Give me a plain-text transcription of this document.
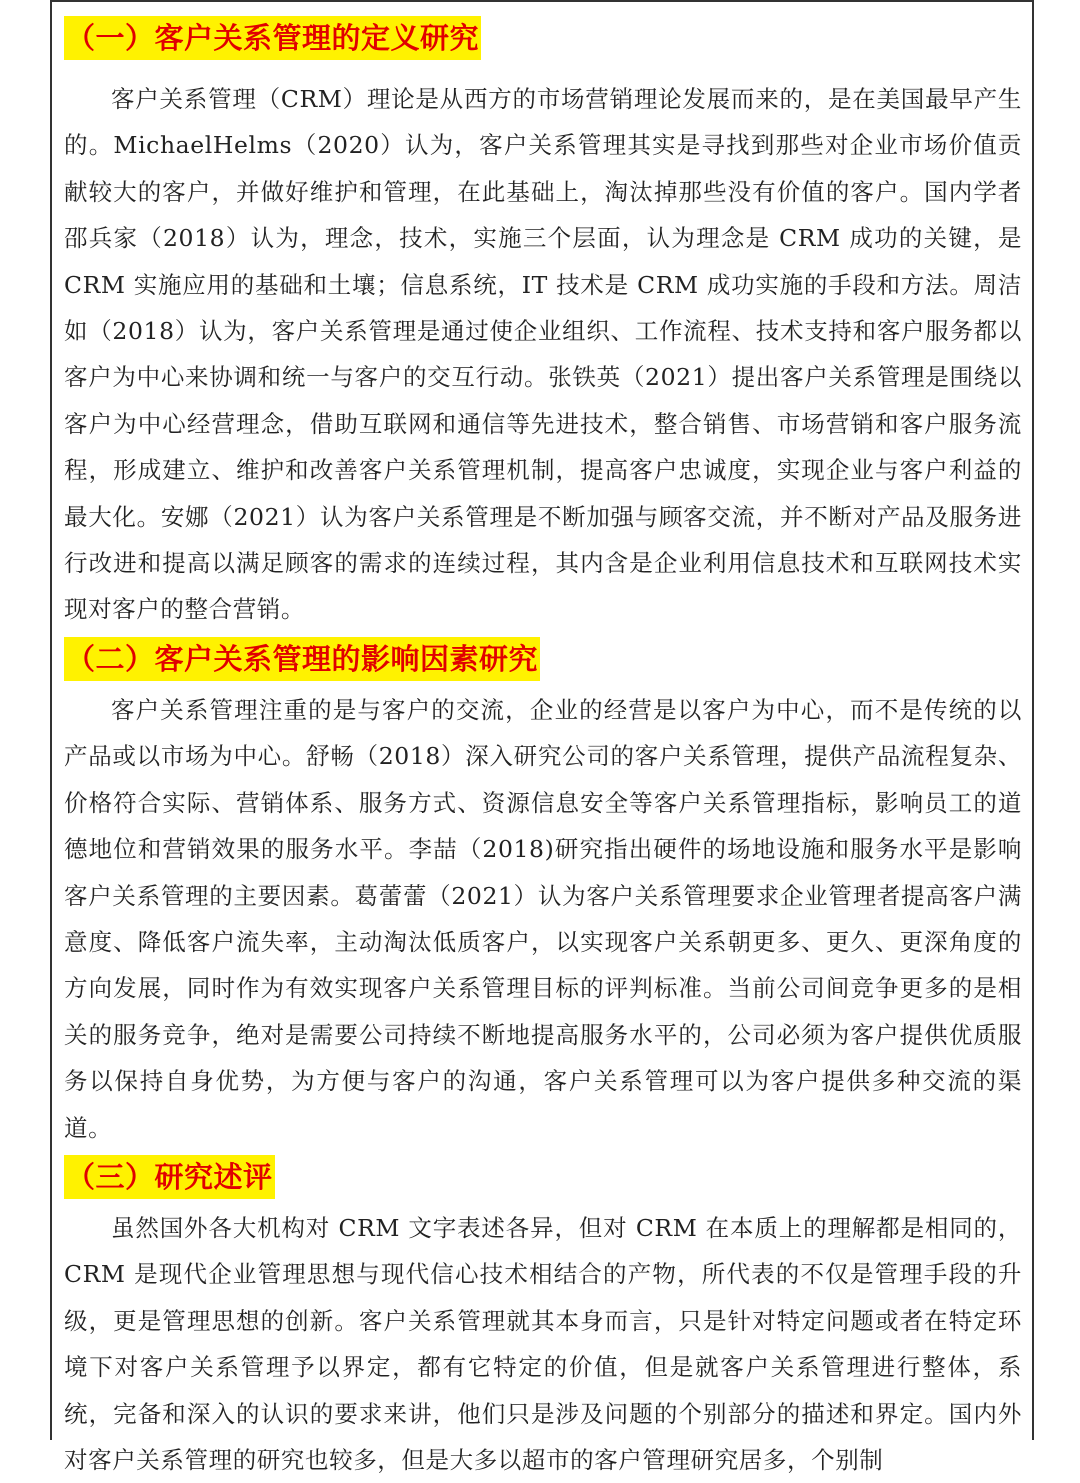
（一）客户关系管理的定义研究

客户关系管理（CRM）理论是从西方的市场营销理论发展而来的，是在美国最早产生的。MichaelHelms（2020）认为，客户关系管理其实是寻找到那些对企业市场价值贡献较大的客户，并做好维护和管理，在此基础上，淘汰掉那些没有价值的客户。国内学者邵兵家（2018）认为，理念，技术，实施三个层面，认为理念是 CRM 成功的关键，是 CRM 实施应用的基础和土壤；信息系统，IT 技术是 CRM 成功实施的手段和方法。周洁如（2018）认为，客户关系管理是通过使企业组织、工作流程、技术支持和客户服务都以客户为中心来协调和统一与客户的交互行动。张铁英（2021）提出客户关系管理是围绕以客户为中心经营理念，借助互联网和通信等先进技术，整合销售、市场营销和客户服务流程，形成建立、维护和改善客户关系管理机制，提高客户忠诚度，实现企业与客户利益的最大化。安娜（2021）认为客户关系管理是不断加强与顾客交流，并不断对产品及服务进行改进和提高以满足顾客的需求的连续过程，其内含是企业利用信息技术和互联网技术实现对客户的整合营销。

（二）客户关系管理的影响因素研究

客户关系管理注重的是与客户的交流，企业的经营是以客户为中心，而不是传统的以产品或以市场为中心。舒畅（2018）深入研究公司的客户关系管理，提供产品流程复杂、价格符合实际、营销体系、服务方式、资源信息安全等客户关系管理指标，影响员工的道德地位和营销效果的服务水平。李喆（2018)研究指出硬件的场地设施和服务水平是影响客户关系管理的主要因素。葛蕾蕾（2021）认为客户关系管理要求企业管理者提高客户满意度、降低客户流失率，主动淘汰低质客户，以实现客户关系朝更多、更久、更深角度的方向发展，同时作为有效实现客户关系管理目标的评判标准。当前公司间竞争更多的是相关的服务竞争，绝对是需要公司持续不断地提高服务水平的，公司必须为客户提供优质服务以保持自身优势，为方便与客户的沟通，客户关系管理可以为客户提供多种交流的渠道。

（三）研究述评

虽然国外各大机构对 CRM 文字表述各异，但对 CRM 在本质上的理解都是相同的，CRM 是现代企业管理思想与现代信心技术相结合的产物，所代表的不仅是管理手段的升级，更是管理思想的创新。客户关系管理就其本身而言，只是针对特定问题或者在特定环境下对客户关系管理予以界定，都有它特定的价值，但是就客户关系管理进行整体，系统，完备和深入的认识的要求来讲，他们只是涉及问题的个别部分的描述和界定。国内外对客户关系管理的研究也较多，但是大多以超市的客户管理研究居多，个别制
